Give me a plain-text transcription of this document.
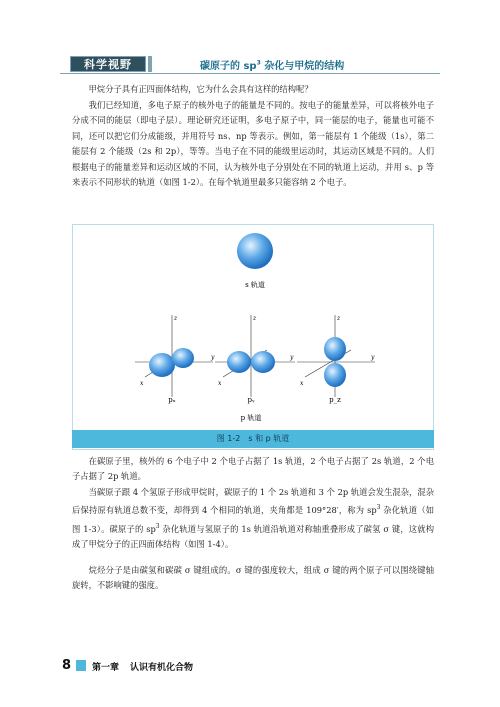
科学视野	碳原子的 $sp^3$ 杂化与甲烷的结构

甲烷分子具有正四面体结构，它为什么会具有这样的结构呢？

我们已经知道，多电子原子的核外电子的能量是不同的。按电子的能量差异，可以将核外电子分成不同的能层（即电子层）。理论研究还证明，多电子原子中，同一能层的电子，能量也可能不同，还可以把它们分成能级，并用符号 ns、np 等表示。例如，第一能层有 1 个能级（1s），第二能层有 2 个能级（2s 和 2p），等等。当电子在不同的能级里运动时，其运动区域是不同的。人们根据电子的能量差异和运动区域的不同，认为核外电子分别处在不同的轨道上运动，并用 s、p 等来表示不同形状的轨道（如图 1-2）。在每个轨道里最多只能容纳 2 个电子。

s 轨道
x
y
z
pₓ
x
y
z
pᵧ
x
y
z
p_z
p 轨道
图 1-2　s 和 p 轨道

在碳原子里，核外的 6 个电子中 2 个电子占据了 1s 轨道，2 个电子占据了 2s 轨道，2 个电子占据了 2p 轨道。

当碳原子跟 4 个氢原子形成甲烷时，碳原子的 1 个 2s 轨道和 3 个 2p 轨道会发生混杂，混杂后保持原有轨道总数不变，却得到 4 个相同的轨道，夹角都是 109°28′，称为 $sp^3$ 杂化轨道（如图 1-3）。碳原子的 $sp^3$ 杂化轨道与氢原子的 1s 轨道沿轨道对称轴重叠形成了碳氢 σ 键，这就构成了甲烷分子的正四面体结构（如图 1-4）。

烷烃分子是由碳氢和碳碳 σ 键组成的。σ 键的强度较大，组成 σ 键的两个原子可以围绕键轴旋转，不影响键的强度。

8 第一章 认识有机化合物
